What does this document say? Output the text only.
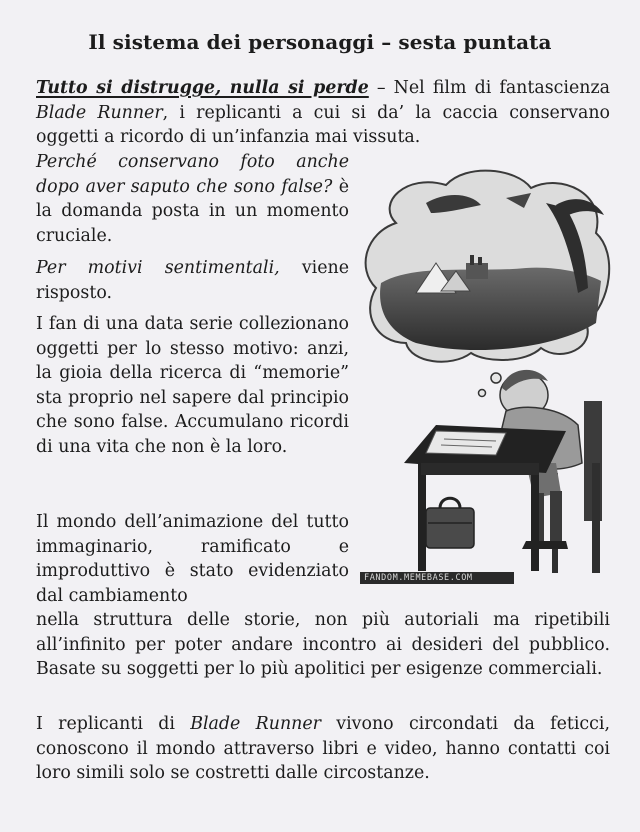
Il sistema dei personaggi – sesta puntata

Tutto si distrugge, nulla si perde – Nel film di fantascienza Blade Runner, i replicanti a cui si da’ la caccia conservano oggetti a ricordo di un’infanzia mai vissuta.

Perché conservano foto anche dopo aver saputo che sono false? è la domanda posta in un momento cruciale.

Per motivi sentimentali, viene risposto.

I fan di una data serie collezionano oggetti per lo stesso motivo: anzi, la gioia della ricerca di “memorie” sta proprio nel sapere dal principio che sono false. Accumulano ricordi di una vita che non è la loro.

Il mondo dell’animazione del tutto immaginario, ramificato e improduttivo è stato evidenziato dal cambiamento

nella struttura delle storie, non più autoriali ma ripetibili all’infinito per poter andare incontro ai desideri del pubblico. Basate su soggetti per lo più apolitici per esigenze commerciali.

I replicanti di Blade Runner vivono circondati da feticci, conoscono il mondo attraverso libri e video, hanno contatti coi loro simili solo se costretti dalle circostanze.

FANDOM.MEMEBASE.COM
